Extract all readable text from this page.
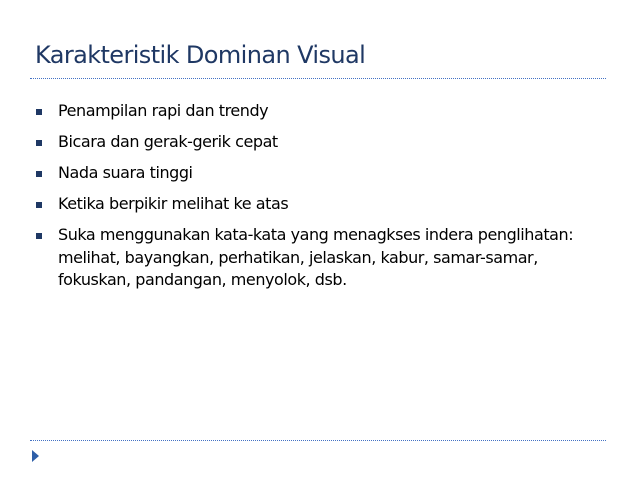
Karakteristik Dominan Visual
Penampilan rapi dan trendy
Bicara dan gerak-gerik cepat
Nada suara tinggi
Ketika berpikir melihat ke atas
Suka menggunakan kata-kata yang menagkses indera penglihatan: melihat, bayangkan, perhatikan, jelaskan, kabur, samar-samar, fokuskan, pandangan, menyolok, dsb.
